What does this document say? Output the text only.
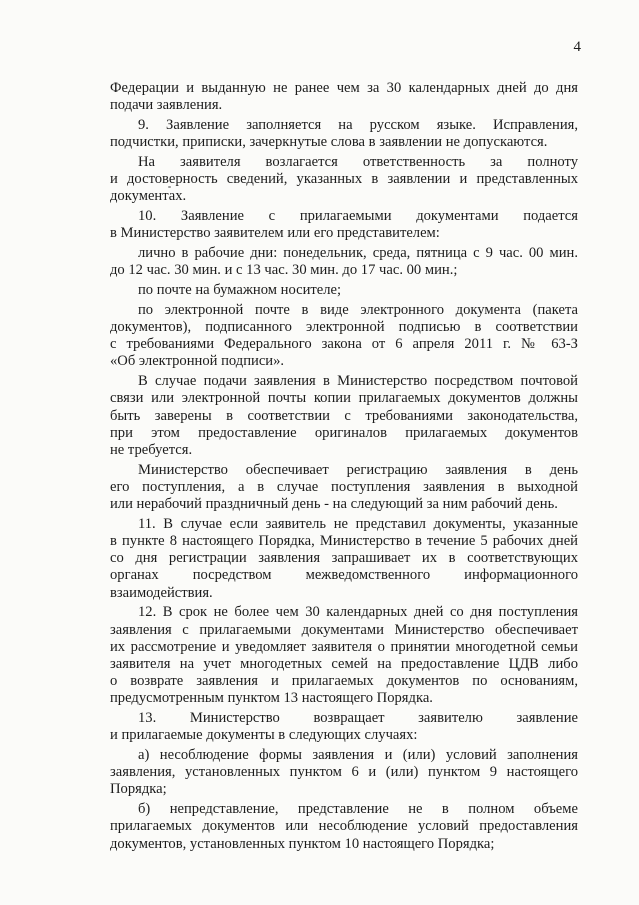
4
Федерации и выданную не ранее чем за 30 календарных дней до дня
подачи заявления.
9. Заявление заполняется на русском языке. Исправления,
подчистки, приписки, зачеркнутые слова в заявлении не допускаются.
На заявителя возлагается ответственность за полноту
и достоверность сведений, указанных в заявлении и представленных
документах.
10. Заявление с прилагаемыми документами подается
в Министерство заявителем или его представителем:
лично в рабочие дни: понедельник, среда, пятница с 9 час. 00 мин.
до 12 час. 30 мин. и с 13 час. 30 мин. до 17 час. 00 мин.;
по почте на бумажном носителе;
по электронной почте в виде электронного документа (пакета
документов), подписанного электронной подписью в соответствии
с требованиями Федерального закона от 6 апреля 2011 г. № 63-З
«Об электронной подписи».
В случае подачи заявления в Министерство посредством почтовой
связи или электронной почты копии прилагаемых документов должны
быть заверены в соответствии с требованиями законодательства,
при этом предоставление оригиналов прилагаемых документов
не требуется.
Министерство обеспечивает регистрацию заявления в день
его поступления, а в случае поступления заявления в выходной
или нерабочий праздничный день - на следующий за ним рабочий день.
11. В случае если заявитель не представил документы, указанные
в пункте 8 настоящего Порядка, Министерство в течение 5 рабочих дней
со дня регистрации заявления запрашивает их в соответствующих
органах посредством межведомственного информационного
взаимодействия.
12. В срок не более чем 30 календарных дней со дня поступления
заявления с прилагаемыми документами Министерство обеспечивает
их рассмотрение и уведомляет заявителя о принятии многодетной семьи
заявителя на учет многодетных семей на предоставление ЦДВ либо
о возврате заявления и прилагаемых документов по основаниям,
предусмотренным пунктом 13 настоящего Порядка.
13. Министерство возвращает заявителю заявление
и прилагаемые документы в следующих случаях:
а) несоблюдение формы заявления и (или) условий заполнения
заявления, установленных пунктом 6 и (или) пунктом 9 настоящего
Порядка;
б) непредставление, представление не в полном объеме
прилагаемых документов или несоблюдение условий предоставления
документов, установленных пунктом 10 настоящего Порядка;
